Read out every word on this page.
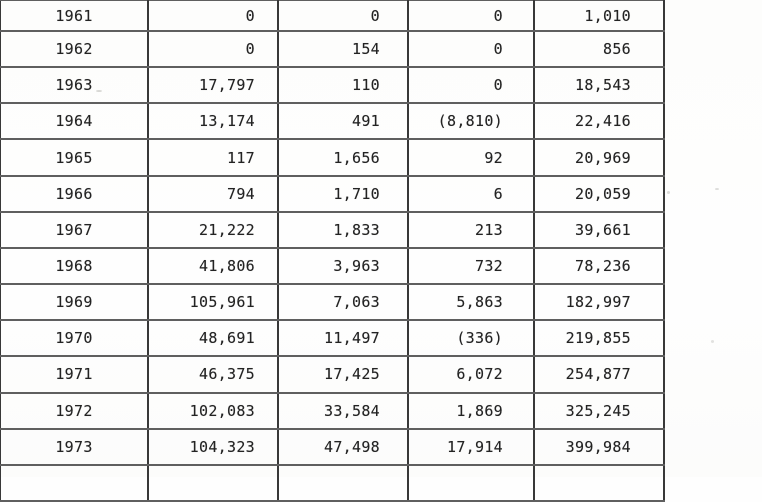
1961	0	0	0	1,010
1962	0	154	0	856
1963	17,797	110	0	18,543
1964	13,174	491	(8,810)	22,416
1965	117	1,656	92	20,969
1966	794	1,710	6	20,059
1967	21,222	1,833	213	39,661
1968	41,806	3,963	732	78,236
1969	105,961	7,063	5,863	182,997
1970	48,691	11,497	(336)	219,855
1971	46,375	17,425	6,072	254,877
1972	102,083	33,584	1,869	325,245
1973	104,323	47,498	17,914	399,984
